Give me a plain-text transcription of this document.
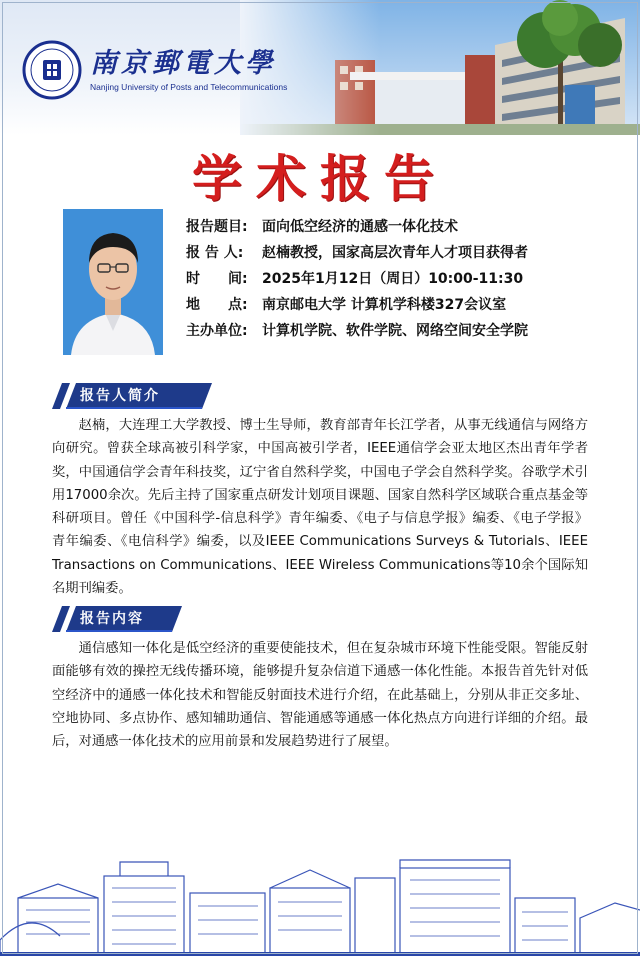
南京郵電大學
Nanjing University of Posts and Telecommunications
学术报告
报告题目:	面向低空经济的通感一体化技术
报 告 人:	赵楠教授，国家高层次青年人才项目获得者
时　　间:	2025年1月12日（周日）10:00-11:30
地　　点:	南京邮电大学 计算机学科楼327会议室
主办单位:	计算机学院、软件学院、网络空间安全学院
报告人简介
赵楠，大连理工大学教授、博士生导师，教育部青年长江学者，从事无线通信与网络方向研究。曾获全球高被引科学家，中国高被引学者，IEEE通信学会亚太地区杰出青年学者奖，中国通信学会青年科技奖，辽宁省自然科学奖，中国电子学会自然科学奖。谷歌学术引用17000余次。先后主持了国家重点研发计划项目课题、国家自然科学区域联合重点基金等科研项目。曾任《中国科学-信息科学》青年编委、《电子与信息学报》编委、《电子学报》青年编委、《电信科学》编委，以及IEEE Communications Surveys & Tutorials、IEEE Transactions on Communications、IEEE Wireless Communications等10余个国际知名期刊编委。
报告内容
通信感知一体化是低空经济的重要使能技术，但在复杂城市环境下性能受限。智能反射面能够有效的操控无线传播环境，能够提升复杂信道下通感一体化性能。本报告首先针对低空经济中的通感一体化技术和智能反射面技术进行介绍，在此基础上，分别从非正交多址、空地协同、多点协作、感知辅助通信、智能通感等通感一体化热点方向进行详细的介绍。最后，对通感一体化技术的应用前景和发展趋势进行了展望。
